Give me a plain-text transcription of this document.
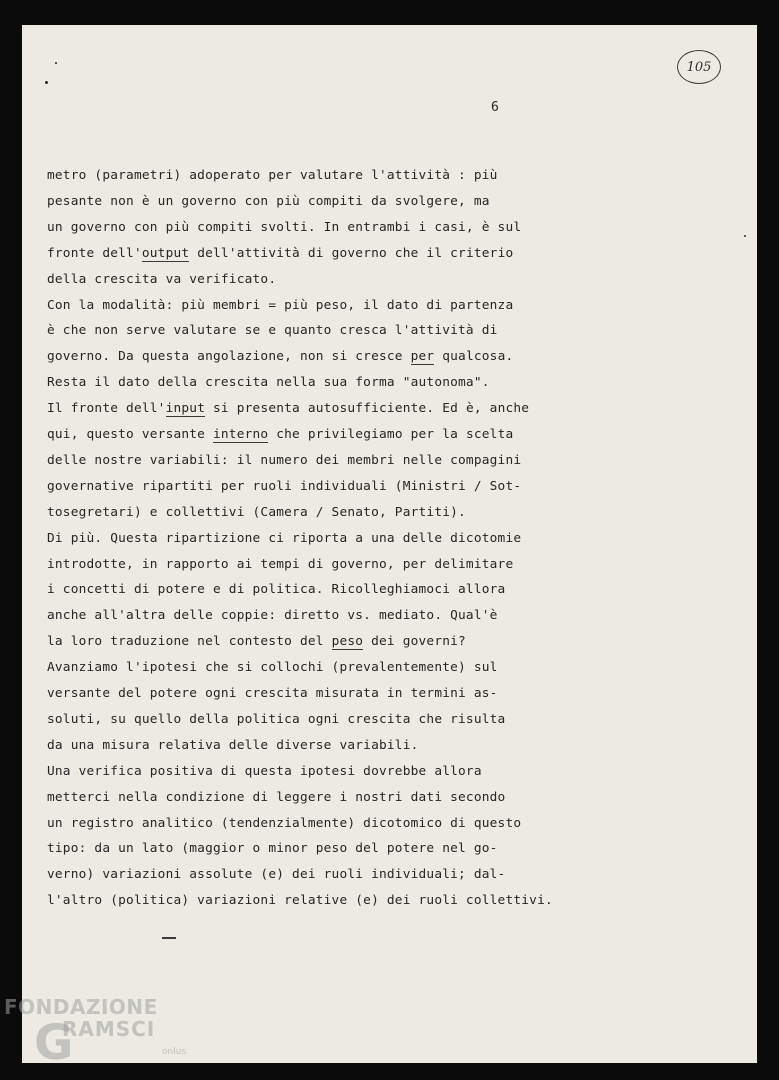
105
6
metro (parametri) adoperato per valutare l'attività : più
pesante non è un governo con più compiti da svolgere, ma
un governo con più compiti svolti. In entrambi i casi, è sul
fronte dell'output dell'attività di governo che il criterio
della crescita va verificato.
Con la modalità: più membri = più peso, il dato di partenza
è che non serve valutare se e quanto cresca l'attività di
governo. Da questa angolazione, non si cresce per qualcosa.
Resta il dato della crescita nella sua forma "autonoma".
Il fronte dell'input si presenta autosufficiente. Ed è, anche
qui, questo versante interno che privilegiamo per la scelta
delle nostre variabili: il numero dei membri nelle compagini
governative ripartiti per ruoli individuali (Ministri / Sot-
tosegretari) e collettivi (Camera / Senato, Partiti).
Di più. Questa ripartizione ci riporta a una delle dicotomie
introdotte, in rapporto ai tempi di governo, per delimitare
i concetti di potere e di politica. Ricolleghiamoci allora
anche all'altra delle coppie: diretto vs. mediato. Qual'è
la loro traduzione nel contesto del peso dei governi?
Avanziamo l'ipotesi che si collochi (prevalentemente) sul
versante del potere ogni crescita misurata in termini as-
soluti, su quello della politica ogni crescita che risulta
da una misura relativa delle diverse variabili.
Una verifica positiva di questa ipotesi dovrebbe allora
metterci nella condizione di leggere i nostri dati secondo
un registro analitico (tendenzialmente) dicotomico di questo
tipo: da un lato (maggior o minor peso del potere nel go-
verno) variazioni assolute (e) dei ruoli individuali; dal-
l'altro (politica) variazioni relative (e) dei ruoli collettivi.
G
FONDAZIONE
RAMSCI
onlus
